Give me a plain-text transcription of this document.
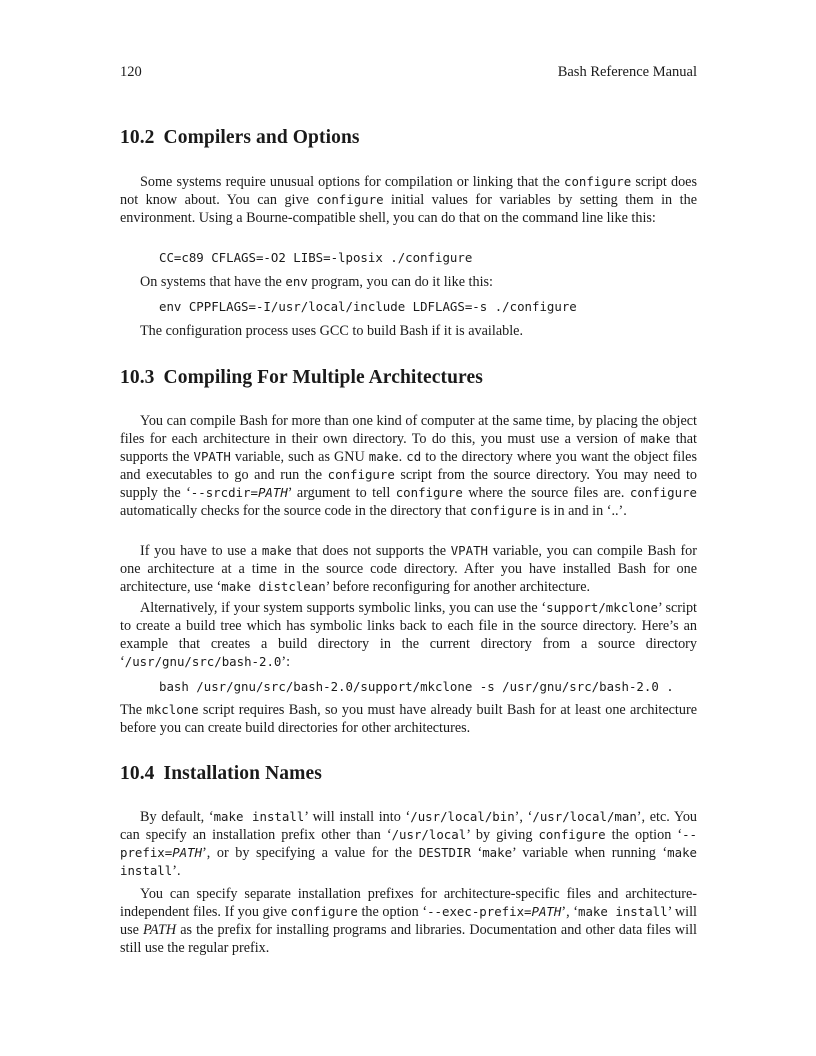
120	Bash Reference Manual
10.2 Compilers and Options

Some systems require unusual options for compilation or linking that the configure script does not know about. You can give configure initial values for variables by setting them in the environment. Using a Bourne-compatible shell, you can do that on the command line like this:

CC=c89 CFLAGS=-O2 LIBS=-lposix ./configure

On systems that have the env program, you can do it like this:

env CPPFLAGS=-I/usr/local/include LDFLAGS=-s ./configure

The configuration process uses GCC to build Bash if it is available.

10.3 Compiling For Multiple Architectures

You can compile Bash for more than one kind of computer at the same time, by placing the object files for each architecture in their own directory. To do this, you must use a version of make that supports the VPATH variable, such as GNU make. cd to the directory where you want the object files and executables to go and run the configure script from the source directory. You may need to supply the ‘--srcdir=PATH’ argument to tell configure where the source files are. configure automatically checks for the source code in the directory that configure is in and in ‘..’.

If you have to use a make that does not supports the VPATH variable, you can compile Bash for one architecture at a time in the source code directory. After you have installed Bash for one architecture, use ‘make distclean’ before reconfiguring for another architecture.

Alternatively, if your system supports symbolic links, you can use the ‘support/mkclone’ script to create a build tree which has symbolic links back to each file in the source directory. Here’s an example that creates a build directory in the current directory from a source directory ‘/usr/gnu/src/bash-2.0’:

bash /usr/gnu/src/bash-2.0/support/mkclone -s /usr/gnu/src/bash-2.0 .

The mkclone script requires Bash, so you must have already built Bash for at least one architecture before you can create build directories for other architectures.

10.4 Installation Names

By default, ‘make install’ will install into ‘/usr/local/bin’, ‘/usr/local/man’, etc. You can specify an installation prefix other than ‘/usr/local’ by giving configure the option ‘--prefix=PATH’, or by specifying a value for the DESTDIR ‘make’ variable when running ‘make install’.

You can specify separate installation prefixes for architecture-specific files and architecture-independent files. If you give configure the option ‘--exec-prefix=PATH’, ‘make install’ will use PATH as the prefix for installing programs and libraries. Documentation and other data files will still use the regular prefix.
